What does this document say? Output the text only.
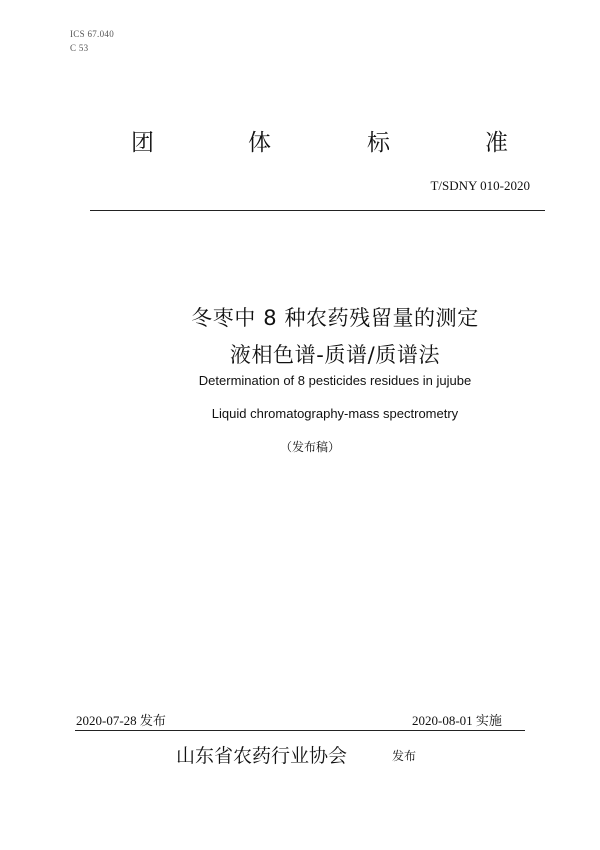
ICS 67.040
C 53
团	体	标	准
T/SDNY 010-2020
冬枣中 8 种农药残留量的测定
液相色谱-质谱/质谱法
Determination of 8 pesticides residues in jujube
Liquid chromatography-mass spectrometry
（发布稿）
2020-07-28 发布	2020-08-01 实施
山东省农药行业协会	发布
